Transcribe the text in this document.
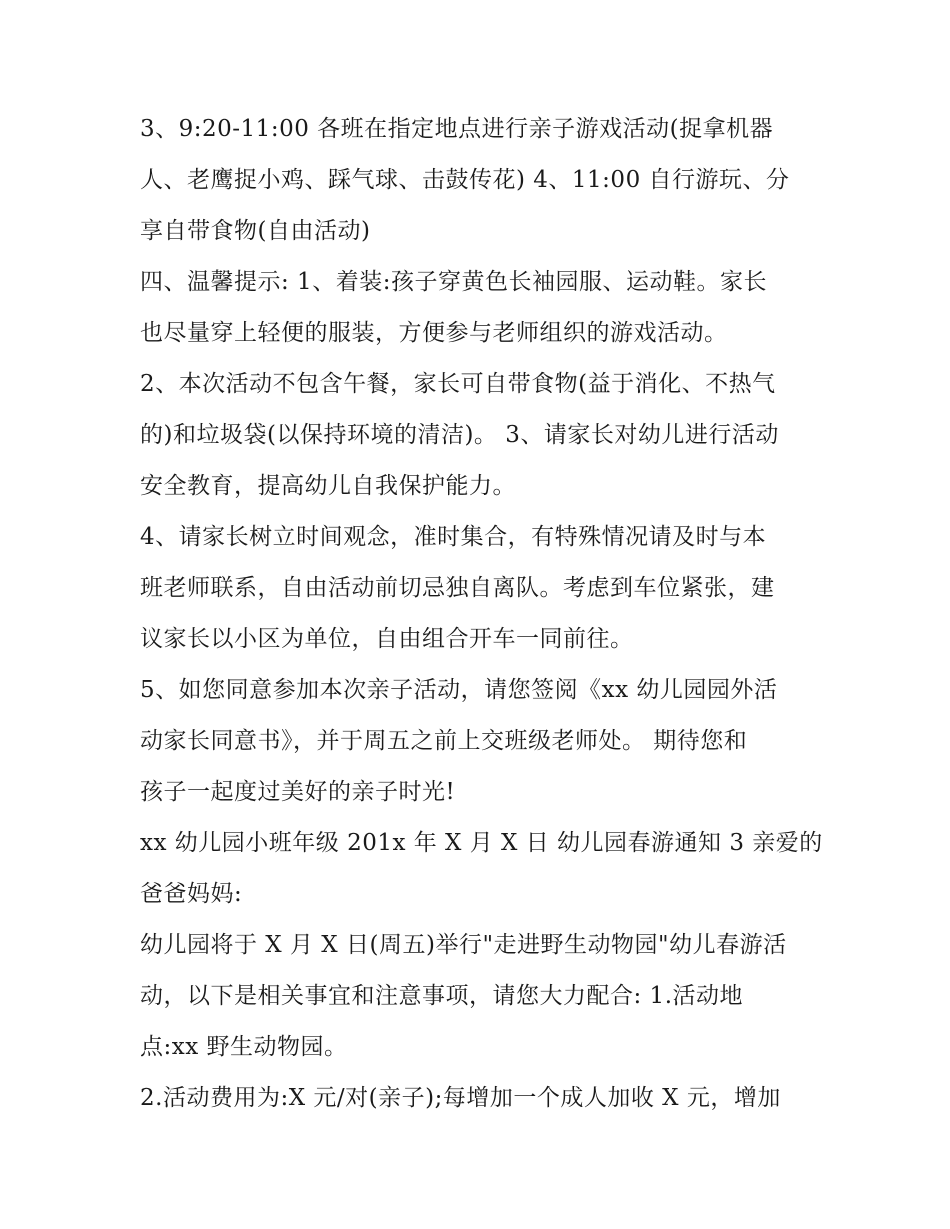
3、9:20-11:00 各班在指定地点进行亲子游戏活动(捉拿机器
人、老鹰捉小鸡、踩气球、击鼓传花) 4、11:00 自行游玩、分
享自带食物(自由活动)
四、温馨提示: 1、着装:孩子穿黄色长袖园服、运动鞋。家长
也尽量穿上轻便的服装，方便参与老师组织的游戏活动。
2、本次活动不包含午餐，家长可自带食物(益于消化、不热气
的)和垃圾袋(以保持环境的清洁)。 3、请家长对幼儿进行活动
安全教育，提高幼儿自我保护能力。
4、请家长树立时间观念，准时集合，有特殊情况请及时与本
班老师联系，自由活动前切忌独自离队。考虑到车位紧张，建
议家长以小区为单位，自由组合开车一同前往。
5、如您同意参加本次亲子活动，请您签阅《xx 幼儿园园外活
动家长同意书》，并于周五之前上交班级老师处。 期待您和
孩子一起度过美好的亲子时光!
xx 幼儿园小班年级 201x 年 X 月 X 日 幼儿园春游通知 3 亲爱的
爸爸妈妈:
幼儿园将于 X 月 X 日(周五)举行"走进野生动物园"幼儿春游活
动，以下是相关事宜和注意事项，请您大力配合: 1.活动地
点:xx 野生动物园。
2.活动费用为:X 元/对(亲子);每增加一个成人加收 X 元，增加
